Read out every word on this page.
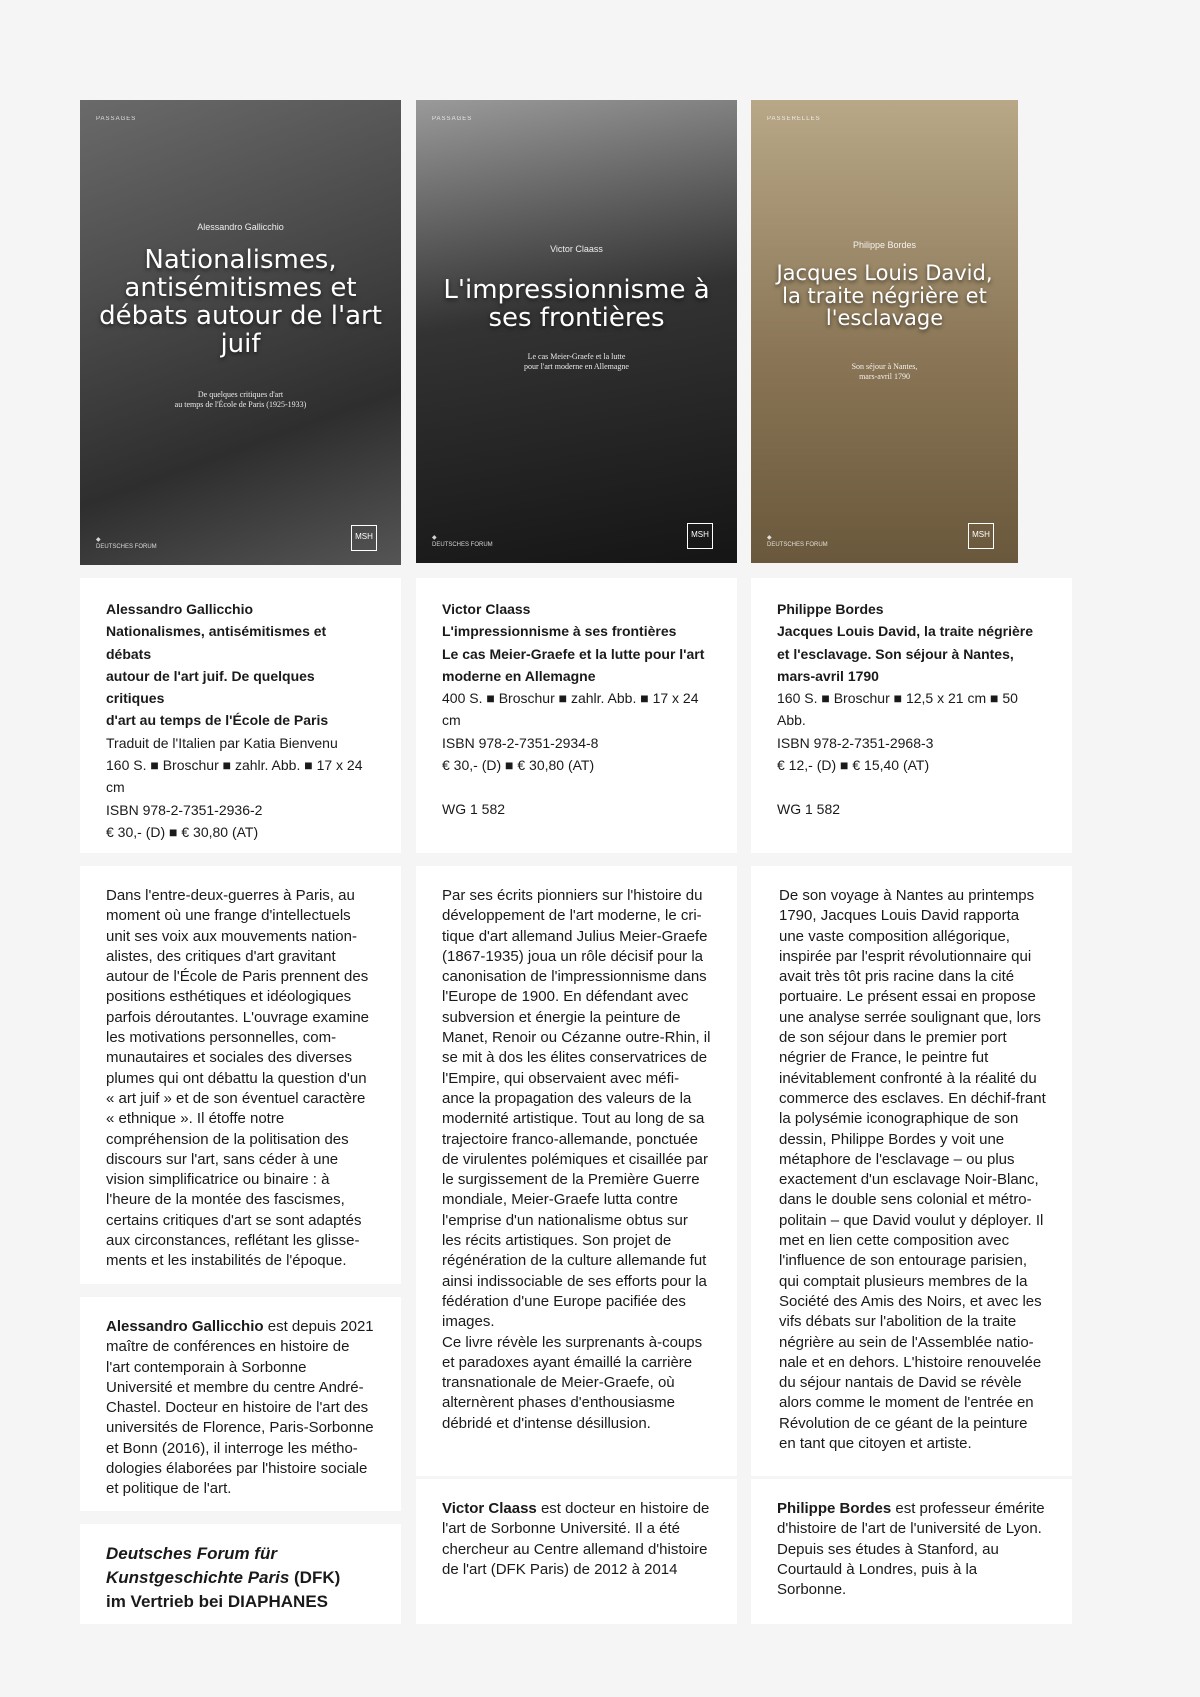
PASSAGES
Alessandro Gallicchio
Nationalismes, antisémitismes et débats autour de l'art juif
De quelques critiques d'art
au temps de l'École de Paris (1925-1933)
◆
DEUTSCHES FORUM
MSH
PASSAGES
Victor Claass
L'impressionnisme à ses frontières
Le cas Meier-Graefe et la lutte
pour l'art moderne en Allemagne
◆
DEUTSCHES FORUM
MSH
PASSERELLES
Philippe Bordes
Jacques Louis David, la traite négrière et l'esclavage
Son séjour à Nantes,
mars-avril 1790
◆
DEUTSCHES FORUM
MSH
Alessandro Gallicchio
Nationalismes, antisémitismes et débats
autour de l'art juif. De quelques critiques
d'art au temps de l'École de Paris
Traduit de l'Italien par Katia Bienvenu
160 S. ■ Broschur ■ zahlr. Abb. ■ 17 x 24 cm
ISBN 978-2-7351-2936-2
€ 30,- (D) ■ € 30,80 (AT)
Victor Claass
L'impressionnisme à ses frontières
Le cas Meier-Graefe et la lutte pour l'art
moderne en Allemagne
400 S. ■ Broschur ■ zahlr. Abb. ■ 17 x 24 cm
ISBN 978-2-7351-2934-8
€ 30,- (D) ■ € 30,80 (AT)
WG 1 582
Philippe Bordes
Jacques Louis David, la traite négrière
et l'esclavage. Son séjour à Nantes,
mars-avril 1790
160 S. ■ Broschur ■ 12,5 x 21 cm ■ 50 Abb.
ISBN 978-2-7351-2968-3
€ 12,- (D) ■ € 15,40 (AT)
WG 1 582
Dans l'entre-deux-guerres à Paris, au moment où une frange d'intellectuels unit ses voix aux mouvements nation-alistes, des critiques d'art gravitant autour de l'École de Paris prennent des positions esthétiques et idéologiques parfois déroutantes. L'ouvrage examine les motivations personnelles, com-munautaires et sociales des diverses plumes qui ont débattu la question d'un « art juif » et de son éventuel caractère « ethnique ». Il étoffe notre compréhension de la politisation des discours sur l'art, sans céder à une vision simplificatrice ou binaire : à l'heure de la montée des fascismes, certains critiques d'art se sont adaptés aux circonstances, reflétant les glisse-ments et les instabilités de l'époque.
Par ses écrits pionniers sur l'histoire du développement de l'art moderne, le cri-tique d'art allemand Julius Meier-Graefe (1867-1935) joua un rôle décisif pour la canonisation de l'impressionnisme dans l'Europe de 1900. En défendant avec subversion et énergie la peinture de Manet, Renoir ou Cézanne outre-Rhin, il se mit à dos les élites conservatrices de l'Empire, qui observaient avec méfi-ance la propagation des valeurs de la modernité artistique. Tout au long de sa trajectoire franco-allemande, ponctuée de virulentes polémiques et cisaillée par le surgissement de la Première Guerre mondiale, Meier-Graefe lutta contre l'emprise d'un nationalisme obtus sur les récits artistiques. Son projet de régénération de la culture allemande fut ainsi indissociable de ses efforts pour la fédération d'une Europe pacifiée des images.
Ce livre révèle les surprenants à-coups et paradoxes ayant émaillé la carrière transnationale de Meier-Graefe, où alternèrent phases d'enthousiasme débridé et d'intense désillusion.
De son voyage à Nantes au printemps 1790, Jacques Louis David rapporta une vaste composition allégorique, inspirée par l'esprit révolutionnaire qui avait très tôt pris racine dans la cité portuaire. Le présent essai en propose une analyse serrée soulignant que, lors de son séjour dans le premier port négrier de France, le peintre fut inévitablement confronté à la réalité du commerce des esclaves. En déchif-frant la polysémie iconographique de son dessin, Philippe Bordes y voit une métaphore de l'esclavage – ou plus exactement d'un esclavage Noir-Blanc, dans le double sens colonial et métro-politain – que David voulut y déployer. Il met en lien cette composition avec l'influence de son entourage parisien, qui comptait plusieurs membres de la Société des Amis des Noirs, et avec les vifs débats sur l'abolition de la traite négrière au sein de l'Assemblée natio-nale et en dehors. L'histoire renouvelée du séjour nantais de David se révèle alors comme le moment de l'entrée en Révolution de ce géant de la peinture en tant que citoyen et artiste.
Alessandro Gallicchio est depuis 2021 maître de conférences en histoire de l'art contemporain à Sorbonne Université et membre du centre André-Chastel. Docteur en histoire de l'art des universités de Florence, Paris-Sorbonne et Bonn (2016), il interroge les métho-dologies élaborées par l'histoire sociale et politique de l'art.
Victor Claass est docteur en histoire de l'art de Sorbonne Université. Il a été chercheur au Centre allemand d'histoire de l'art (DFK Paris) de 2012 à 2014
Philippe Bordes est professeur émérite d'histoire de l'art de l'université de Lyon. Depuis ses études à Stanford, au Courtauld à Londres, puis à la Sorbonne.
Deutsches Forum für Kunstgeschichte Paris (DFK)
im Vertrieb bei DIAPHANES
